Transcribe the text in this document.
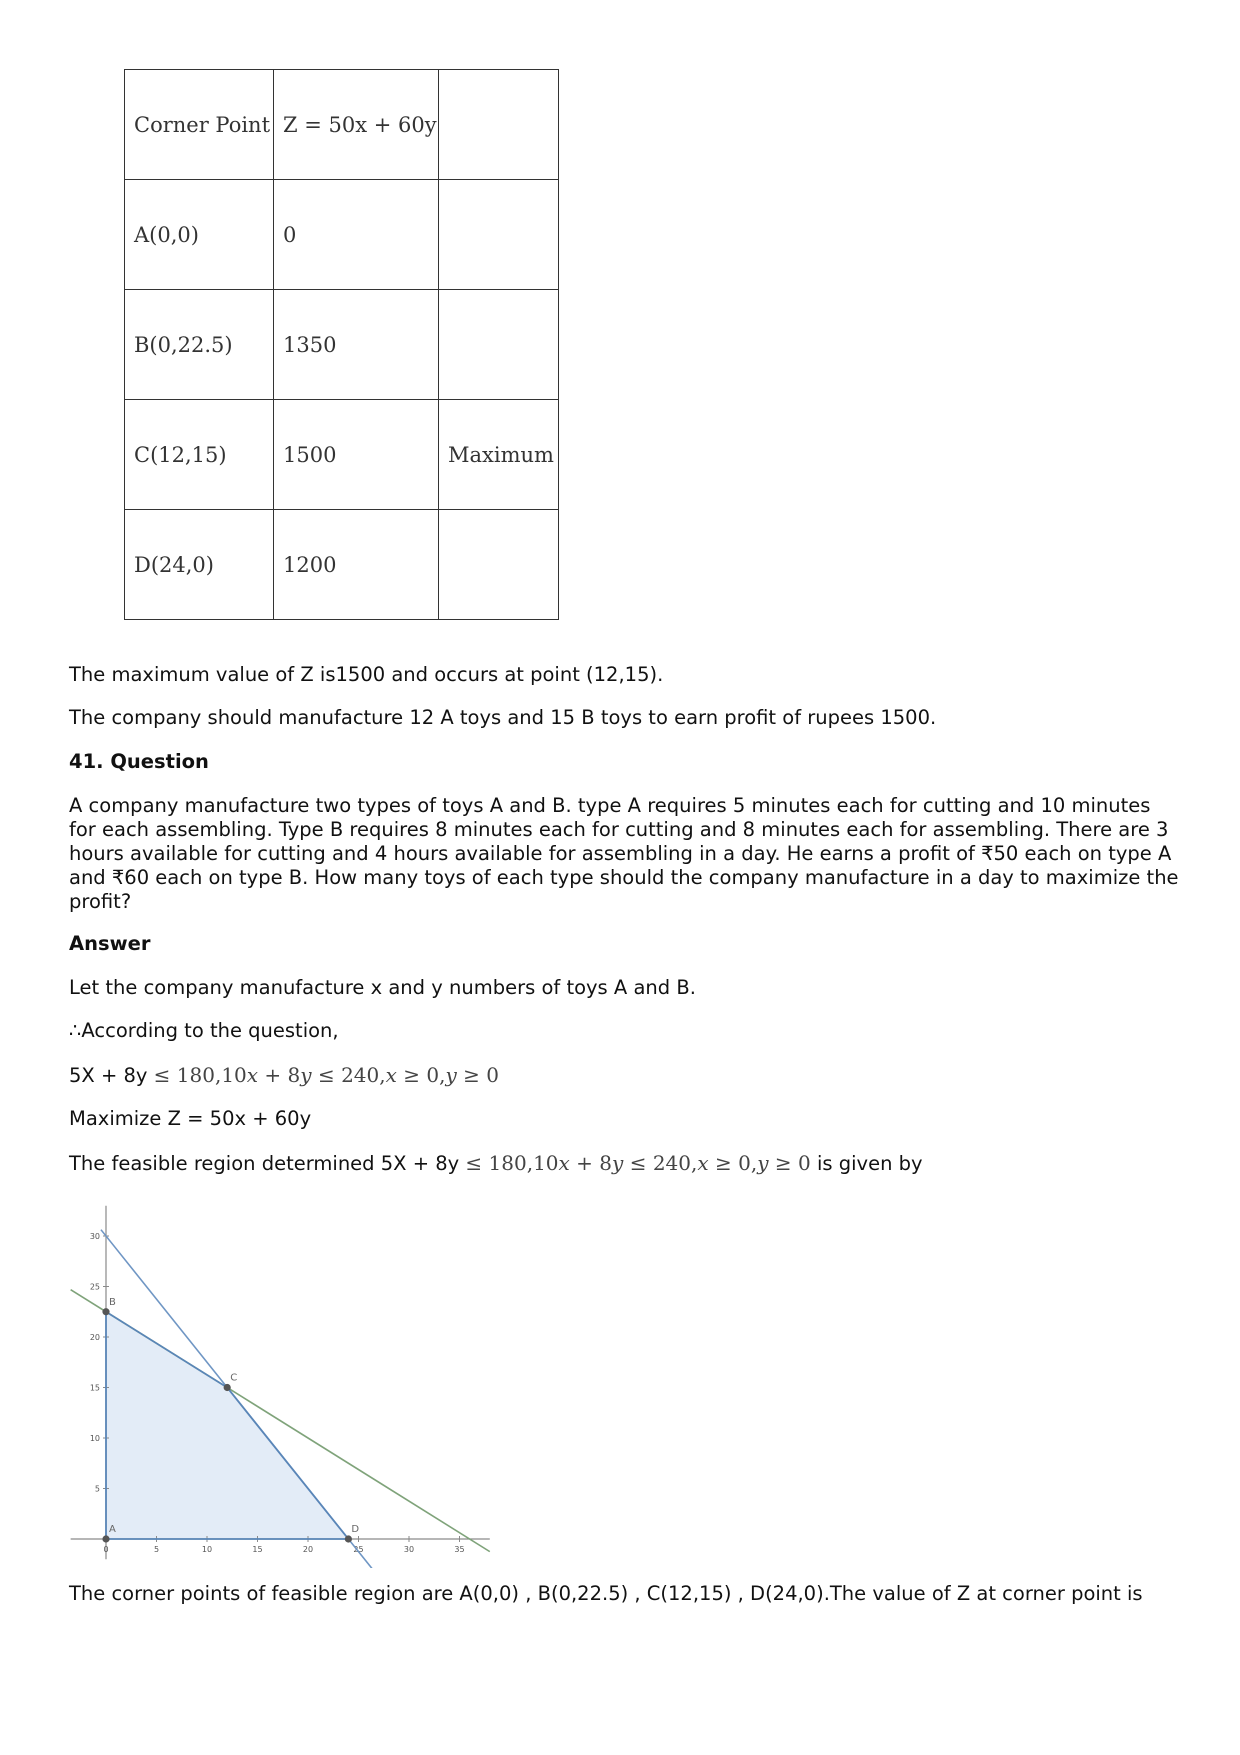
Corner Point	Z = 50x + 60y	
A(0,0)	0	
B(0,22.5)	1350	
C(12,15)	1500	Maximum
D(24,0)	1200	

The maximum value of Z is1500 and occurs at point (12,15).

The company should manufacture 12 A toys and 15 B toys to earn profit of rupees 1500.

41. Question

A company manufacture two types of toys A and B. type A requires 5 minutes each for cutting and 10 minutes for each assembling. Type B requires 8 minutes each for cutting and 8 minutes each for assembling. There are 3 hours available for cutting and 4 hours available for assembling in a day. He earns a profit of ₹50 each on type A and ₹60 each on type B. How many toys of each type should the company manufacture in a day to maximize the profit?

Answer

Let the company manufacture x and y numbers of toys A and B.

∴According to the question,

5X + 8y ≤ 180,10x + 8y ≤ 240,x ≥ 0,y ≥ 0

Maximize Z = 50x + 60y

The feasible region determined 5X + 8y ≤ 180,10x + 8y ≤ 240,x ≥ 0,y ≥ 0 is given by

0	5	10	15	20	25	30	35
5
10
15
20
25
30
A
B
C
D

The corner points of feasible region are A(0,0) , B(0,22.5) , C(12,15) , D(24,0).The value of Z at corner point is
